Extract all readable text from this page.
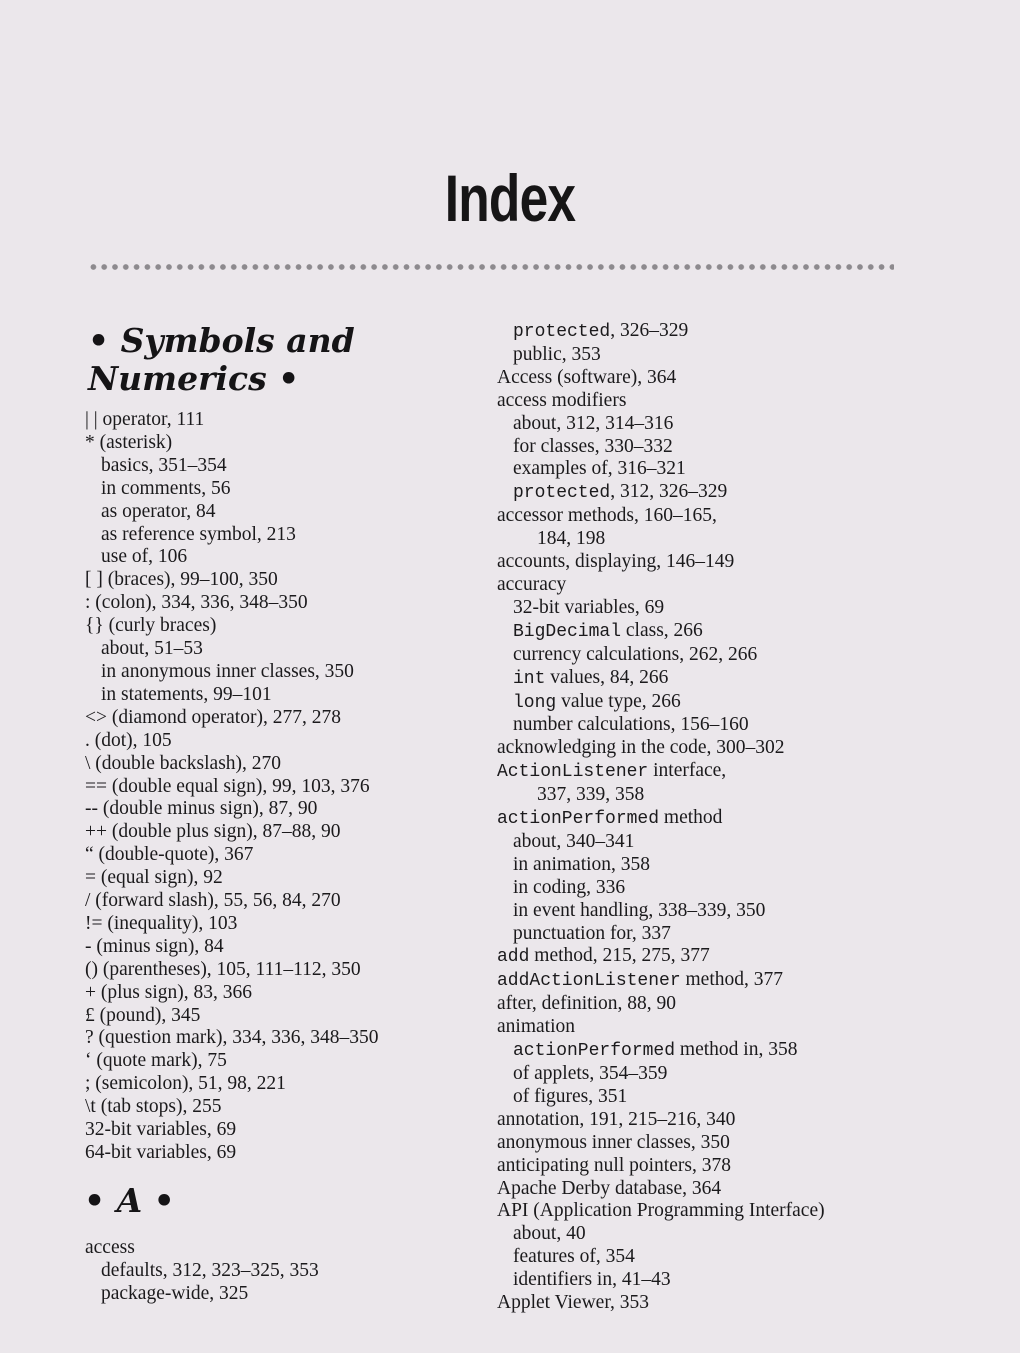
Index
• Symbols and
Numerics •
| | operator, 111
* (asterisk)
basics, 351–354
in comments, 56
as operator, 84
as reference symbol, 213
use of, 106
[ ] (braces), 99–100, 350
: (colon), 334, 336, 348–350
{} (curly braces)
about, 51–53
in anonymous inner classes, 350
in statements, 99–101
<> (diamond operator), 277, 278
. (dot), 105
\ (double backslash), 270
== (double equal sign), 99, 103, 376
-- (double minus sign), 87, 90
++ (double plus sign), 87–88, 90
“ (double-quote), 367
= (equal sign), 92
/ (forward slash), 55, 56, 84, 270
!= (inequality), 103
- (minus sign), 84
() (parentheses), 105, 111–112, 350
+ (plus sign), 83, 366
£ (pound), 345
? (question mark), 334, 336, 348–350
‘ (quote mark), 75
; (semicolon), 51, 98, 221
\t (tab stops), 255
32-bit variables, 69
64-bit variables, 69
• A •
access
defaults, 312, 323–325, 353
package-wide, 325
protected, 326–329
public, 353
Access (software), 364
access modifiers
about, 312, 314–316
for classes, 330–332
examples of, 316–321
protected, 312, 326–329
accessor methods, 160–165,
184, 198
accounts, displaying, 146–149
accuracy
32-bit variables, 69
BigDecimal class, 266
currency calculations, 262, 266
int values, 84, 266
long value type, 266
number calculations, 156–160
acknowledging in the code, 300–302
ActionListener interface,
337, 339, 358
actionPerformed method
about, 340–341
in animation, 358
in coding, 336
in event handling, 338–339, 350
punctuation for, 337
add method, 215, 275, 377
addActionListener method, 377
after, definition, 88, 90
animation
actionPerformed method in, 358
of applets, 354–359
of figures, 351
annotation, 191, 215–216, 340
anonymous inner classes, 350
anticipating null pointers, 378
Apache Derby database, 364
API (Application Programming Interface)
about, 40
features of, 354
identifiers in, 41–43
Applet Viewer, 353
